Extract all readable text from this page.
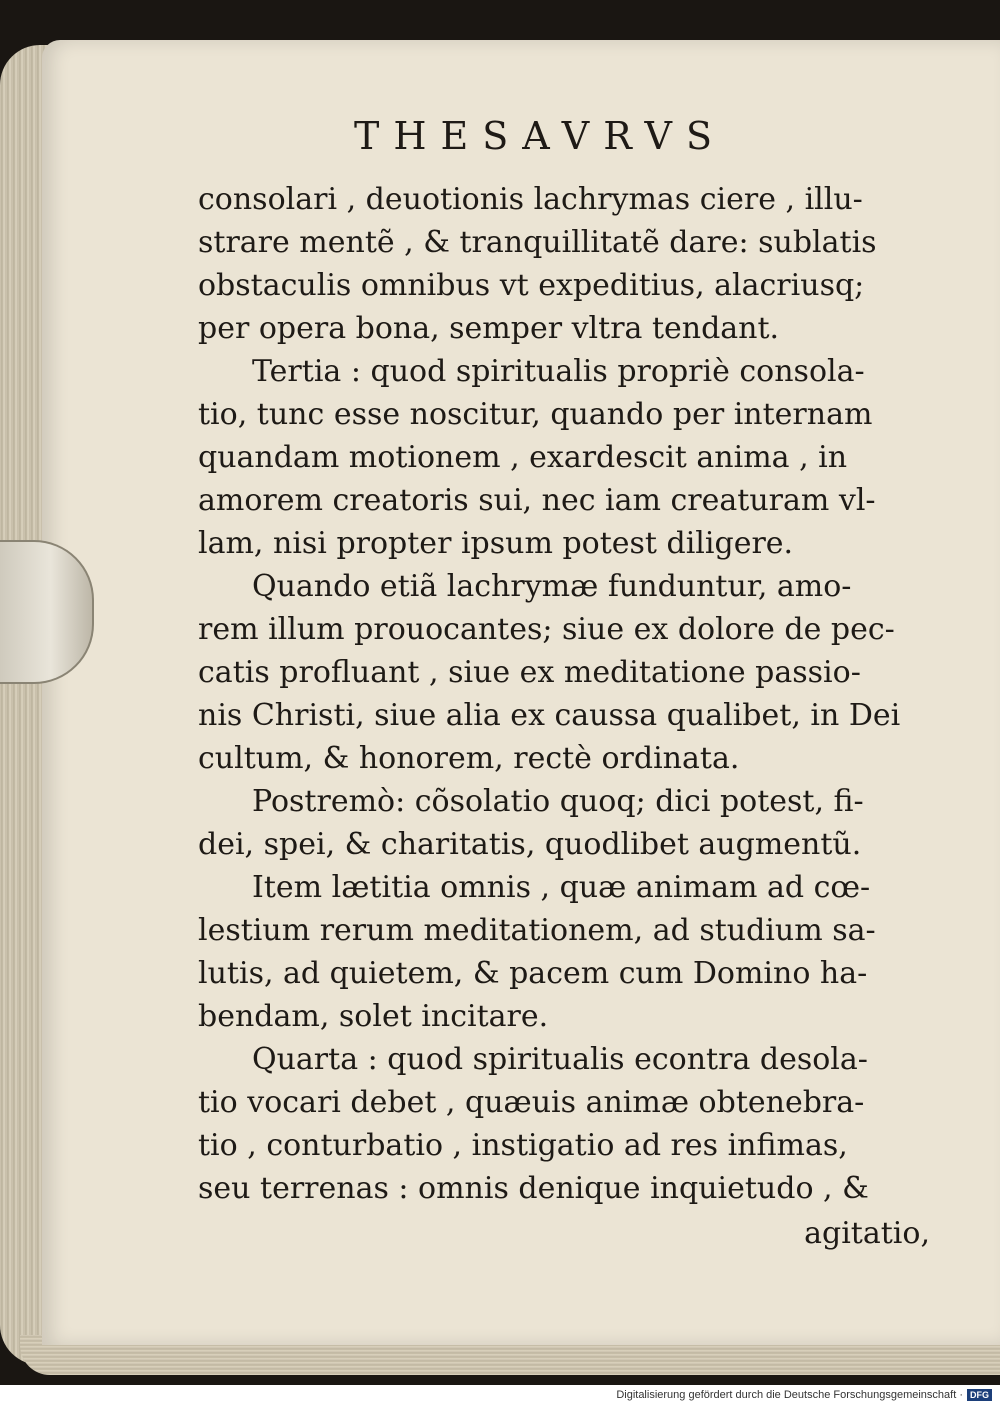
THESAVRVS
consolari , deuotionis lachrymas ciere , illu-
strare mentẽ , & tranquillitatẽ dare: sublatis
obstaculis omnibus vt expeditius, alacriusq;
per opera bona, semper vltra tendant.
Tertia : quod spiritualis propriè consola-
tio, tunc esse noscitur, quando per internam
quandam motionem , exardescit anima , in
amorem creatoris sui, nec iam creaturam vl-
lam, nisi propter ipsum potest diligere.
Quando etiã lachrymæ funduntur, amo-
rem illum prouocantes; siue ex dolore de pec-
catis profluant , siue ex meditatione passio-
nis Christi, siue alia ex caussa qualibet, in Dei
cultum, & honorem, rectè ordinata.
Postremò: cõsolatio quoq; dici potest, fi-
dei, spei, & charitatis, quodlibet augmentũ.
Item lætitia omnis , quæ animam ad cœ-
lestium rerum meditationem, ad studium sa-
lutis, ad quietem, & pacem cum Domino ha-
bendam, solet incitare.
Quarta : quod spiritualis econtra desola-
tio vocari debet , quæuis animæ obtenebra-
tio , conturbatio , instigatio ad res infimas,
seu terrenas : omnis denique inquietudo , &
agitatio,
Digitalisierung gefördert durch die Deutsche Forschungsgemeinschaft · DFG
